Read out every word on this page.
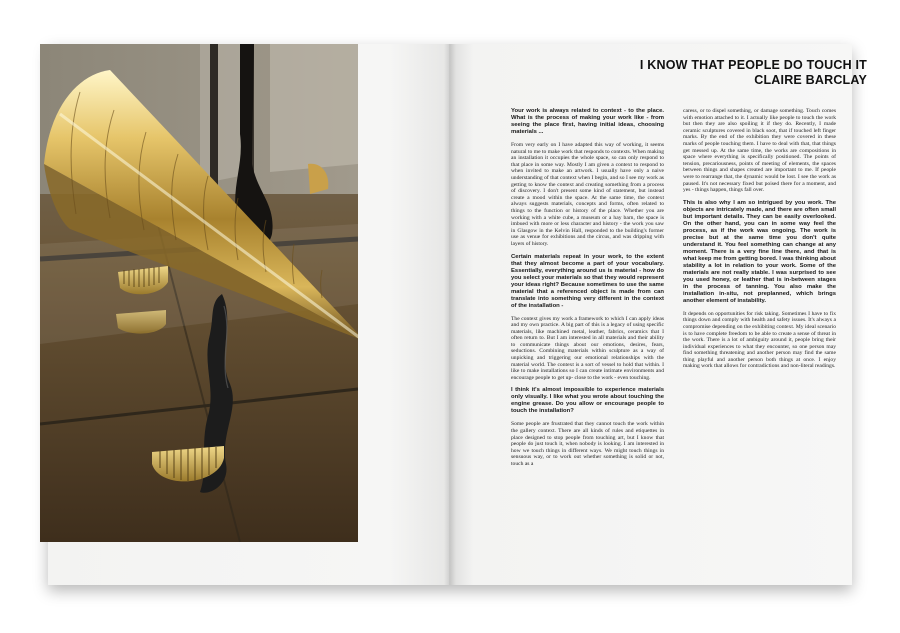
I KNOW THAT PEOPLE DO TOUCH IT
CLAIRE BARCLAY

Your work is always related to context - to the place. What is the process of making your work like - from seeing the place first, having initial ideas, choosing materials ...

From very early on I have adapted this way of working, it seems natural to me to make work that responds to contexts. When making an installation it occupies the whole space, so can only respond to that place in some way. Mostly I am given a context to respond to when invited to make an artwork. I usually have only a naive understanding of that context when I begin, and so I see my work as getting to know the context and creating something from a process of discovery. I don't present some kind of statement, but instead create a mood within the space. At the same time, the context always suggests materials, concepts and forms, often related to things to the function or history of the place. Whether you are working with a white cube, a museum or a hay barn, the space is imbued with more or less character and history - the work you saw in Glasgow in the Kelvin Hall, responded to the building's former use as venue for exhibitions and the circus, and was dripping with layers of history.

Certain materials repeat in your work, to the extent that they almost become a part of your vocabulary. Essentially, everything around us is material - how do you select your materials so that they would represent your ideas right? Because sometimes to use the same material that a referenced object is made from can translate into something very different in the context of the installation -

The context gives my work a framework to which I can apply ideas and my own practice. A big part of this is a legacy of using specific materials, like machined metal, leather, fabrics, ceramics that I often return to. But I am interested in all materials and their ability to communicate things about our emotions, desires, fears, seductions. Combining materials within sculpture as a way of unpicking and triggering our emotional relationships with the material world. The context is a sort of vessel to hold that within. I like to make installations so I can create intimate environments and encourage people to get up- close to the work - even touching.

I think it's almost impossible to experience materials only visually. I like what you wrote about touching the engine grease. Do you allow or encourage people to touch the installation?

Some people are frustrated that they cannot touch the work within the gallery context. There are all kinds of rules and etiquettes in place designed to stop people from touching art, but I know that people do just touch it, when nobody is looking. I am interested in how we touch things in different ways. We might touch things in sensuous way, or to work out whether something is solid or not, touch as a

caress, or to dispel something, or damage something. Touch comes with emotion attached to it. I actually like people to touch the work but then they are also spoiling it if they do. Recently, I made ceramic sculptures covered in black soot, that if touched left finger marks. By the end of the exhibition they were covered in these marks of people touching them. I have to deal with that, that things get messed up. At the same time, the works are compositions in space where everything is specifically positioned. The points of tension, precariousness, points of meeting of elements, the spaces between things and shapes created are important to me. If people were to rearrange that, the dynamic would be lost. I see the work as paused. It's not necessary fixed but poised there for a moment, and yes - things happen, things fall over.

This is also why I am so intrigued by you work. The objects are intricately made, and there are often small but important details. They can be easily overlooked. On the other hand, you can in some way feel the process, as if the work was ongoing. The work is precise but at the same time you don't quite understand it. You feel something can change at any moment. There is a very fine line there, and that is what keep me from getting bored. I was thinking about stability a lot in relation to your work. Some of the materials are not really stable. I was surprised to see you used honey, or leather that is in-between stages in the process of tanning. You also make the installation in-situ, not preplanned, which brings another element of instability.

It depends on opportunities for risk taking. Sometimes I have to fix things down and comply with health and safety issues. It's always a compromise depending on the exhibiting context. My ideal scenario is to have complete freedom to be able to create a sense of threat in the work. There is a lot of ambiguity around it, people bring their individual experiences to what they encounter, so one person may find something threatening and another person may find the same thing playful and another person both things at once. I enjoy making work that allows for contradictions and non-literal readings.
